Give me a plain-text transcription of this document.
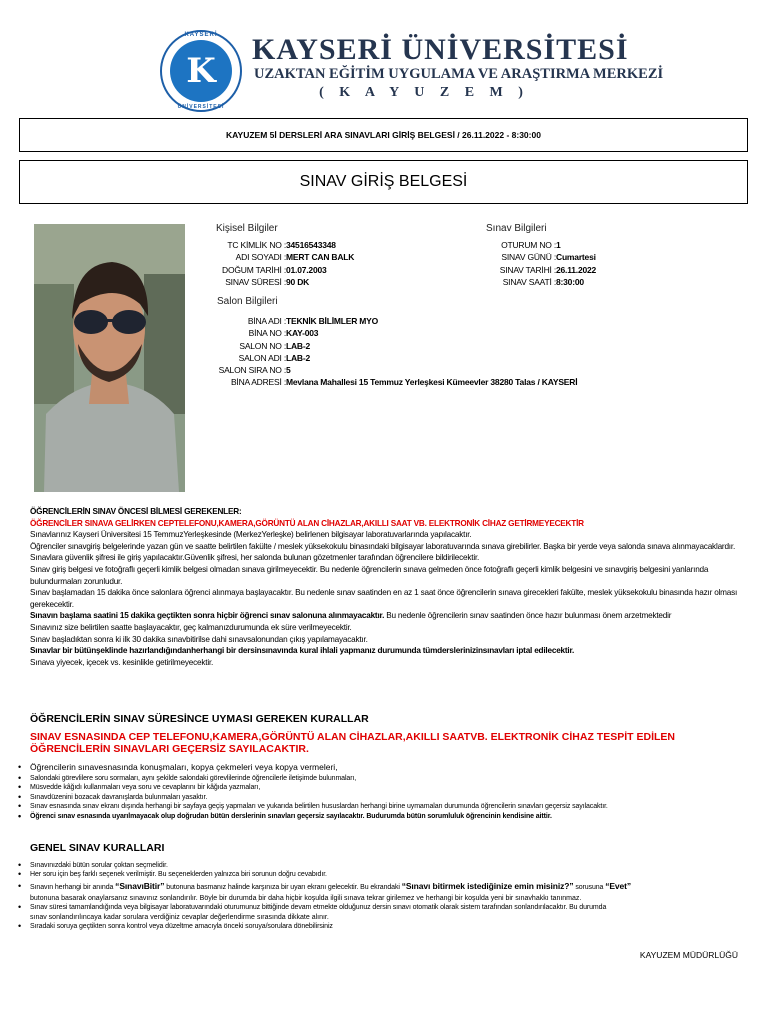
K
KAYSERİ
ÜNİVERSİTESİ
KAYSERİ ÜNİVERSİTESİ
UZAKTAN EĞİTİM UYGULAMA VE ARAŞTIRMA MERKEZİ
( K A Y U Z E M )
KAYUZEM 5İ DERSLERİ ARA SINAVLARI GİRİŞ BELGESİ / 26.11.2022 - 8:30:00
SINAV GİRİŞ BELGESİ
Kişisel Bilgiler
TC KİMLİK NO :34516543348
ADI SOYADI :MERT CAN BALK
DOĞUM TARİHİ :01.07.2003
SINAV SÜRESİ :90 DK
Sınav Bilgileri
OTURUM NO :1
SINAV GÜNÜ :Cumartesi
SINAV TARİHİ :26.11.2022
SINAV SAATİ :8:30:00
Salon Bilgileri
BİNA ADI :TEKNİK BİLİMLER MYO
BİNA NO :KAY-003
SALON NO :LAB-2
SALON ADI :LAB-2
SALON SIRA NO :5
BİNA ADRESİ :Mevlana Mahallesi 15 Temmuz Yerleşkesi Kümeevler 38280 Talas / KAYSERİ
ÖĞRENCİLERİN SINAV ÖNCESİ BİLMESİ GEREKENLER:
ÖĞRENCİLER SINAVA GELİRKEN CEPTELEFONU,KAMERA,GÖRÜNTÜ ALAN CİHAZLAR,AKILLI SAAT VB. ELEKTRONİK CİHAZ GETİRMEYECEKTİR
Sınavlarınız Kayseri Üniversitesi 15 TemmuzYerleşkesinde (MerkezYerleşke) belirlenen bilgisayar laboratuvarlarında yapılacaktır.
Öğrenciler sınavgiriş belgelerinde yazan gün ve saatte belirtilen fakülte / meslek yüksekokulu binasındaki bilgisayar laboratuvarında sınava girebilirler. Başka bir yerde veya salonda sınava alınmayacaklardır.
Sınavlara güvenlik şifresi ile giriş yapılacaktır.Güvenlik şifresi, her salonda bulunan gözetmenler tarafından öğrencilere bildirilecektir.
Sınav giriş belgesi ve fotoğraflı geçerli kimlik belgesi olmadan sınava girilmeyecektir. Bu nedenle öğrencilerin sınava gelmeden önce fotoğraflı geçerli kimlik belgesini ve sınavgiriş belgesini yanlarında bulundurmaları zorunludur.
Sınav başlamadan 15 dakika önce salonlara öğrenci alınmaya başlayacaktır. Bu nedenle sınav saatinden en az 1 saat önce öğrencilerin sınava girecekleri fakülte, meslek yüksekokulu binasında hazır olması gerekecektir.
Sınavın başlama saatini 15 dakika geçtikten sonra hiçbir öğrenci sınav salonuna alınmayacaktır. Bu nedenle öğrencilerin sınav saatinden önce hazır bulunması önem arzetmektedir
Sınavınız size belirtilen saatte başlayacaktır, geç kalmanızdurumunda ek süre verilmeyecektir.
Sınav başladıktan sonra ki ilk 30 dakika sınavbitirilse dahi sınavsalonundan çıkış yapılamayacaktır.
Sınavlar bir bütünşeklinde hazırlandığındanherhangi bir dersinsınavında kural ihlali yapmanız durumunda tümderslerinizinsınavları iptal edilecektir.
Sınava yiyecek, içecek vs. kesinlikle getirilmeyecektir.
ÖĞRENCİLERİN SINAV SÜRESİNCE UYMASI GEREKEN KURALLAR
SINAV ESNASINDA CEP TELEFONU,KAMERA,GÖRÜNTÜ ALAN CİHAZLAR,AKILLI SAATVB. ELEKTRONİK CİHAZ TESPİT EDİLEN ÖĞRENCİLERİN SINAVLARI GEÇERSİZ SAYILACAKTIR.
• Öğrencilerin sınavesnasında konuşmaları, kopya çekmeleri veya kopya vermeleri,
• Salondaki görevlilere soru sormaları, aynı şekilde salondaki görevlilerinde öğrencilerle iletişimde bulunmaları,
• Müsvedde kâğıdı kullanmaları veya soru ve cevaplarını bir kâğıda yazmaları,
• Sınavdüzenini bozacak davranışlarda bulunmaları yasaktır.
• Sınav esnasında sınav ekranı dışında herhangi bir sayfaya geçiş yapmaları ve yukarıda belirtilen hususlardan herhangi birine uymamaları durumunda öğrencilerin sınavları geçersiz sayılacaktır.
• Öğrenci sınav esnasında uyarılmayacak olup doğrudan bütün derslerinin sınavları geçersiz sayılacaktır. Budurumda bütün sorumluluk öğrencinin kendisine aittir.
GENEL SINAV KURALLARI
• Sınavınızdaki bütün sorular çoktan seçmelidir.
• Her soru için beş farklı seçenek verilmiştir. Bu seçeneklerden yalnızca biri sorunun doğru cevabıdır.
• Sınavın herhangi bir anında “SınavıBitir” butonuna basmanız halinde karşınıza bir uyarı ekranı gelecektir. Bu ekrandaki “Sınavı bitirmek istediğinize emin misiniz?” sorusuna “Evet”
butonuna basarak onaylarsanız sınavınız sonlandırılır. Böyle bir durumda bir daha hiçbir koşulda ilgili sınava tekrar girilemez ve herhangi bir koşulda yeni bir sınavhakkı tanınmaz.
• Sınav süresi tamamlandığında veya bilgisayar laboratuvarındaki oturumunuz bittiğinde devam etmekte olduğunuz dersin sınavı otomatik olarak sistem tarafından sonlandırılacaktır. Bu durumda
sınav sonlandırılıncaya kadar sorulara verdiğiniz cevaplar değerlendirme sırasında dikkate alınır.
• Sıradaki soruya geçtikten sonra kontrol veya düzeltme amacıyla önceki soruya/sorulara dönebilirsiniz
KAYUZEM MÜDÜRLÜĞÜ
